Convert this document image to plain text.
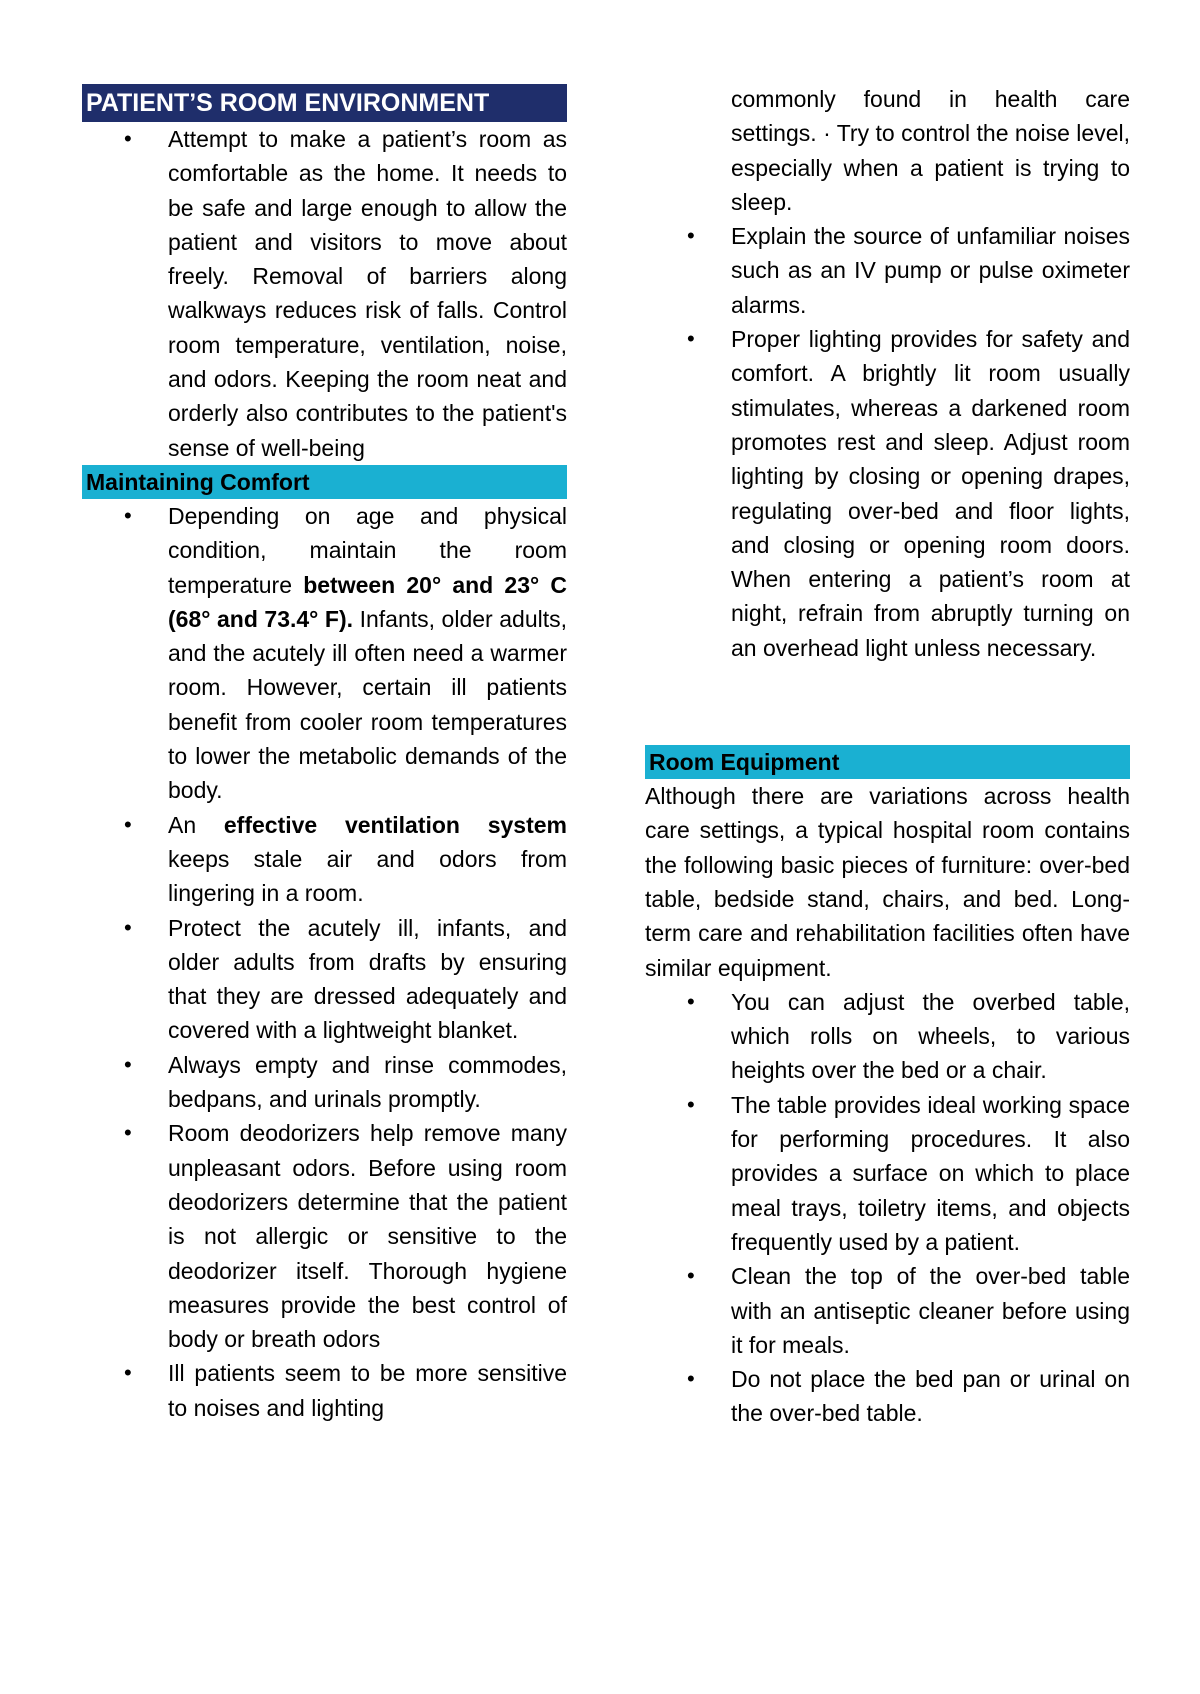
PATIENT’S ROOM ENVIRONMENT
• Attempt to make a patient’s room as comfortable as the home. It needs to be safe and large enough to allow the patient and visitors to move about freely. Removal of barriers along walkways reduces risk of falls. Control room temperature, ventilation, noise, and odors. Keeping the room neat and orderly also contributes to the patient's sense of well-being
Maintaining Comfort
• Depending on age and physical condition, maintain the room temperature between 20° and 23° C (68° and 73.4° F). Infants, older adults, and the acutely ill often need a warmer room. However, certain ill patients benefit from cooler room temperatures to lower the metabolic demands of the body.
• An effective ventilation system keeps stale air and odors from lingering in a room.
• Protect the acutely ill, infants, and older adults from drafts by ensuring that they are dressed adequately and covered with a lightweight blanket.
• Always empty and rinse commodes, bedpans, and urinals promptly.
• Room deodorizers help remove many unpleasant odors. Before using room deodorizers determine that the patient is not allergic or sensitive to the deodorizer itself. Thorough hygiene measures provide the best control of body or breath odors
• Ill patients seem to be more sensitive to noises and lighting
commonly found in health care settings. · Try to control the noise level, especially when a patient is trying to sleep.
• Explain the source of unfamiliar noises such as an IV pump or pulse oximeter alarms.
• Proper lighting provides for safety and comfort. A brightly lit room usually stimulates, whereas a darkened room promotes rest and sleep. Adjust room lighting by closing or opening drapes, regulating over-bed and floor lights, and closing or opening room doors. When entering a patient’s room at night, refrain from abruptly turning on an overhead light unless necessary.
Room Equipment

Although there are variations across health care settings, a typical hospital room contains the following basic pieces of furniture: over-bed table, bedside stand, chairs, and bed. Long-term care and rehabilitation facilities often have similar equipment.

• You can adjust the overbed table, which rolls on wheels, to various heights over the bed or a chair.
• The table provides ideal working space for performing procedures. It also provides a surface on which to place meal trays, toiletry items, and objects frequently used by a patient.
• Clean the top of the over-bed table with an antiseptic cleaner before using it for meals.
• Do not place the bed pan or urinal on the over-bed table.
